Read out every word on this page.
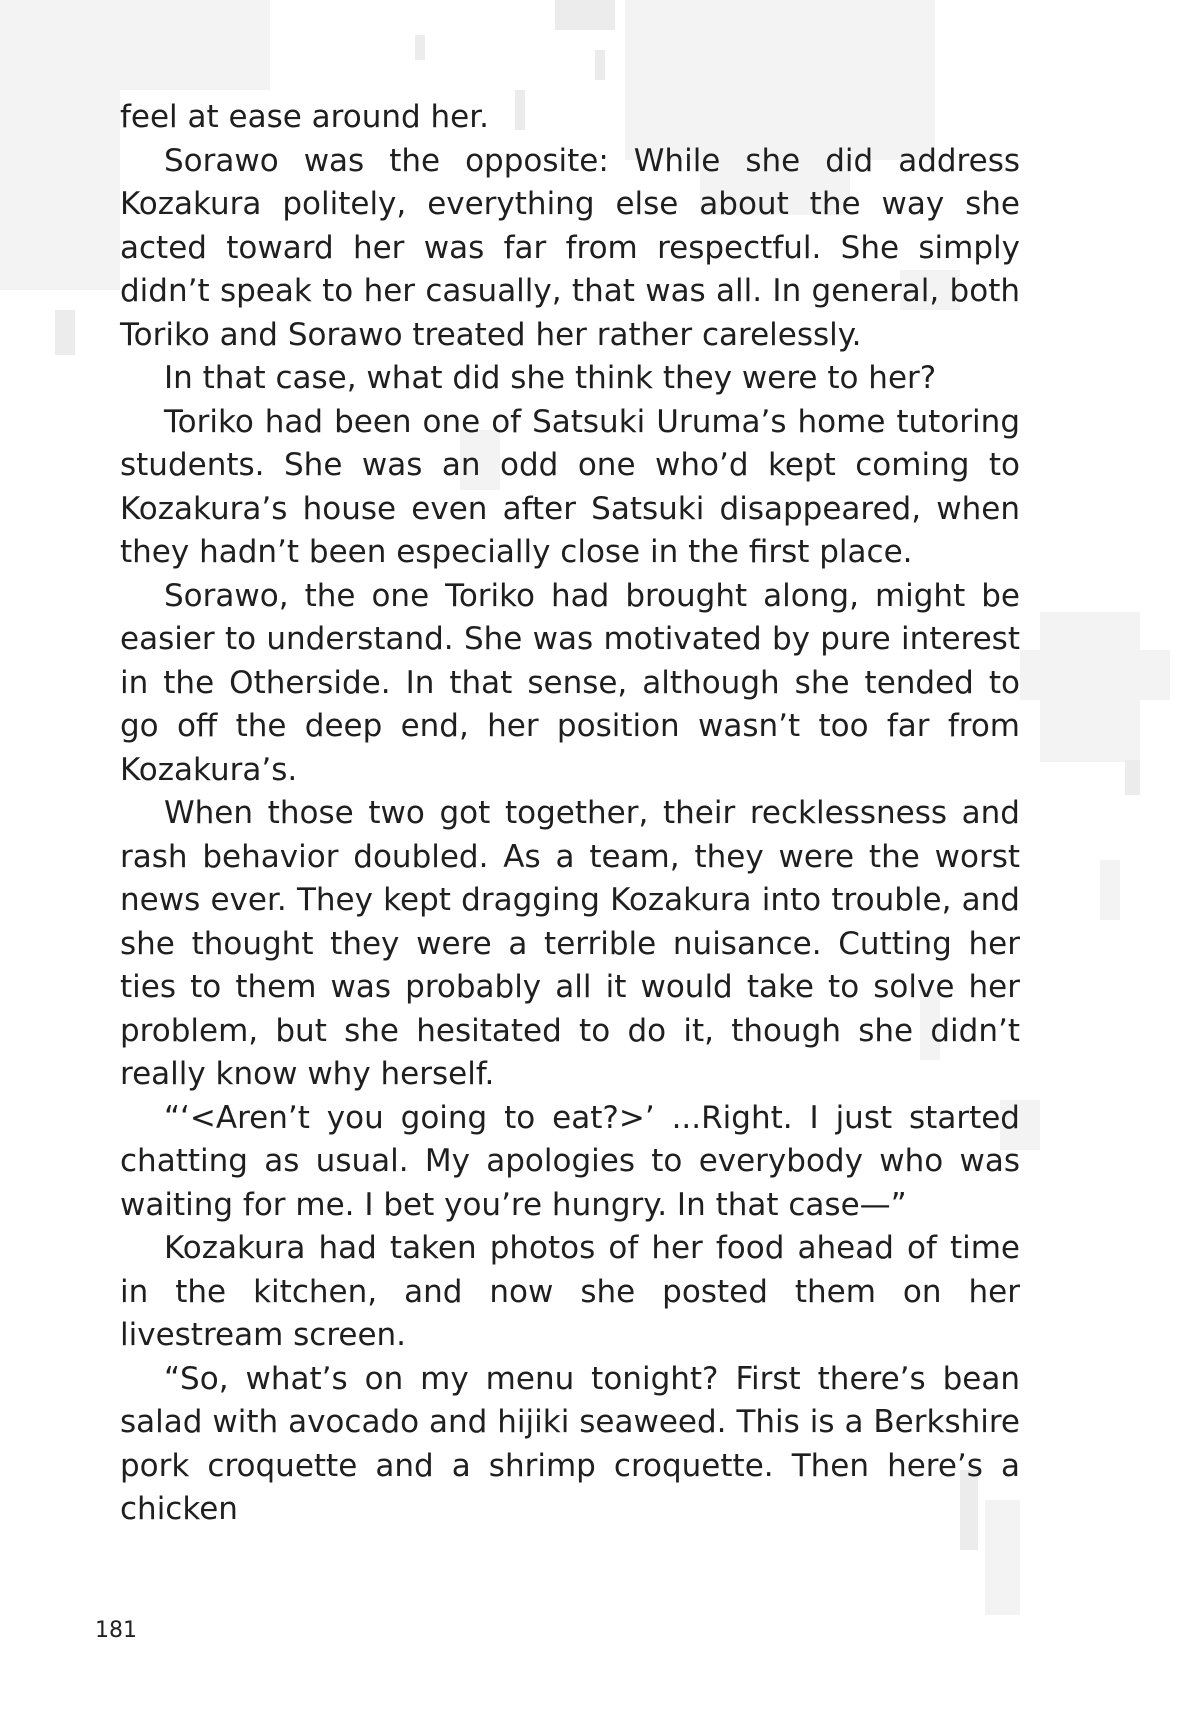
feel at ease around her.

Sorawo was the opposite: While she did address Kozakura politely, everything else about the way she acted toward her was far from respectful. She simply didn’t speak to her casually, that was all. In general, both Toriko and Sorawo treated her rather carelessly.

In that case, what did she think they were to her?

Toriko had been one of Satsuki Uruma’s home tutoring students. She was an odd one who’d kept coming to Kozakura’s house even after Satsuki disappeared, when they hadn’t been especially close in the first place.

Sorawo, the one Toriko had brought along, might be easier to understand. She was motivated by pure interest in the Otherside. In that sense, although she tended to go off the deep end, her position wasn’t too far from Kozakura’s.

When those two got together, their recklessness and rash behavior doubled. As a team, they were the worst news ever. They kept dragging Kozakura into trouble, and she thought they were a terrible nuisance. Cutting her ties to them was probably all it would take to solve her problem, but she hesitated to do it, though she didn’t really know why herself.

“‘<Aren’t you going to eat?>’ ...Right. I just started chatting as usual. My apologies to everybody who was waiting for me. I bet you’re hungry. In that case—”

Kozakura had taken photos of her food ahead of time in the kitchen, and now she posted them on her livestream screen.

“So, what’s on my menu tonight? First there’s bean salad with avocado and hijiki seaweed. This is a Berkshire pork croquette and a shrimp croquette. Then here’s a chicken

181
